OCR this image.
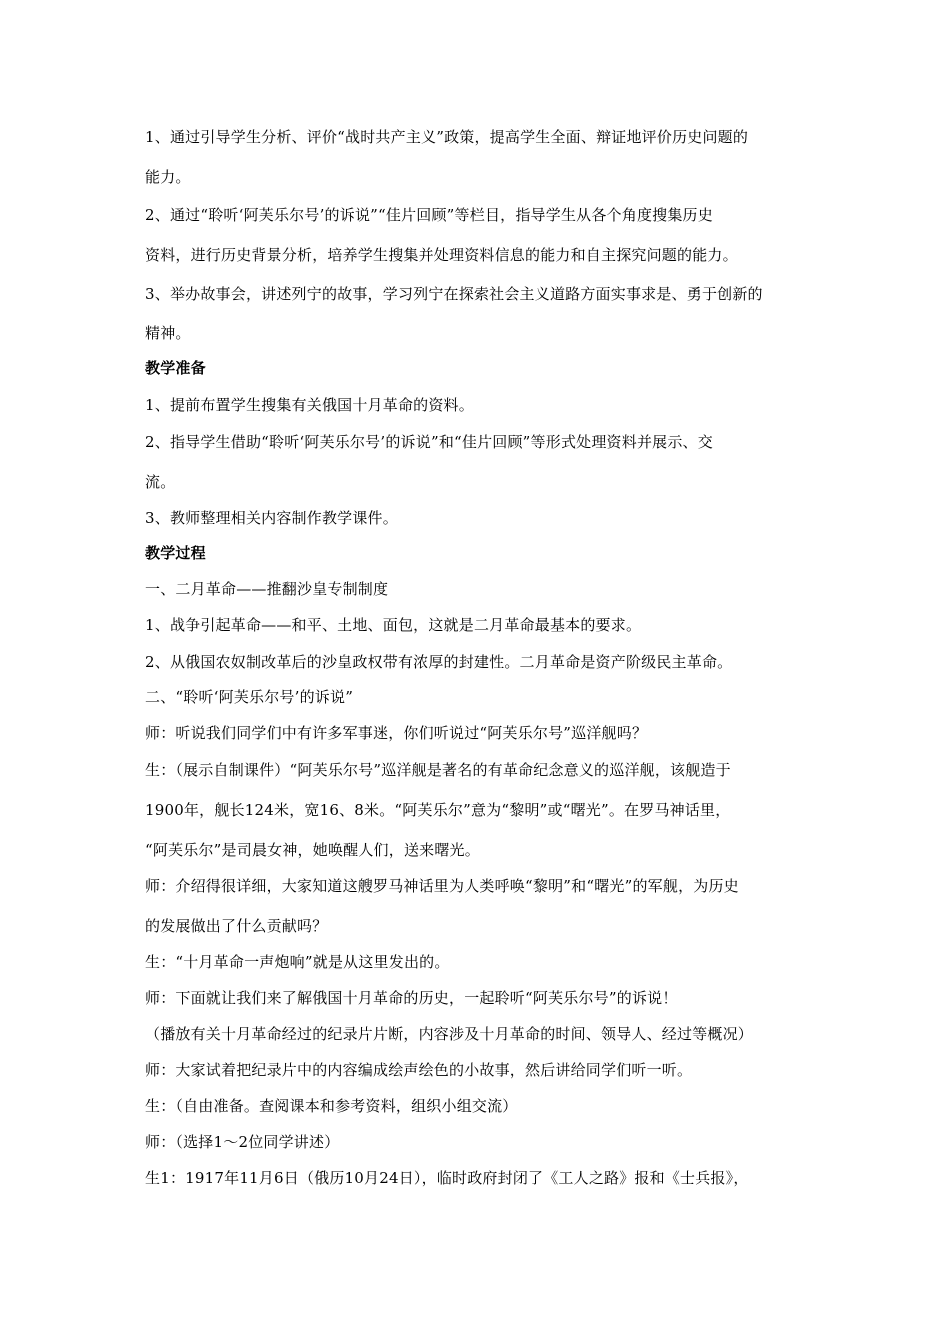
1、通过引导学生分析、评价“战时共产主义”政策，提高学生全面、辩证地评价历史问题的
能力。
2、通过“聆听‘阿芙乐尔号’的诉说”“佳片回顾”等栏目，指导学生从各个角度搜集历史
资料，进行历史背景分析，培养学生搜集并处理资料信息的能力和自主探究问题的能力。
3、举办故事会，讲述列宁的故事，学习列宁在探索社会主义道路方面实事求是、勇于创新的
精神。
教学准备
1、提前布置学生搜集有关俄国十月革命的资料。
2、指导学生借助“聆听‘阿芙乐尔号’的诉说”和“佳片回顾”等形式处理资料并展示、交
流。
3、教师整理相关内容制作教学课件。
教学过程
一、二月革命——推翻沙皇专制制度
1、战争引起革命——和平、土地、面包，这就是二月革命最基本的要求。
2、从俄国农奴制改革后的沙皇政权带有浓厚的封建性。二月革命是资产阶级民主革命。
二、“聆听‘阿芙乐尔号’的诉说”
师：听说我们同学们中有许多军事迷，你们听说过“阿芙乐尔号”巡洋舰吗？
生：（展示自制课件）“阿芙乐尔号”巡洋舰是著名的有革命纪念意义的巡洋舰，该舰造于
1900年，舰长124米，宽16、8米。“阿芙乐尔”意为“黎明”或“曙光”。在罗马神话里，
“阿芙乐尔”是司晨女神，她唤醒人们，送来曙光。
师：介绍得很详细，大家知道这艘罗马神话里为人类呼唤“黎明”和“曙光”的军舰，为历史
的发展做出了什么贡献吗？
生：“十月革命一声炮响”就是从这里发出的。
师：下面就让我们来了解俄国十月革命的历史，一起聆听“阿芙乐尔号”的诉说！
（播放有关十月革命经过的纪录片片断，内容涉及十月革命的时间、领导人、经过等概况）
师：大家试着把纪录片中的内容编成绘声绘色的小故事，然后讲给同学们听一听。
生：（自由准备。查阅课本和参考资料，组织小组交流）
师：（选择1～2位同学讲述）
生1：1917年11月6日（俄历10月24日），临时政府封闭了《工人之路》报和《士兵报》，
